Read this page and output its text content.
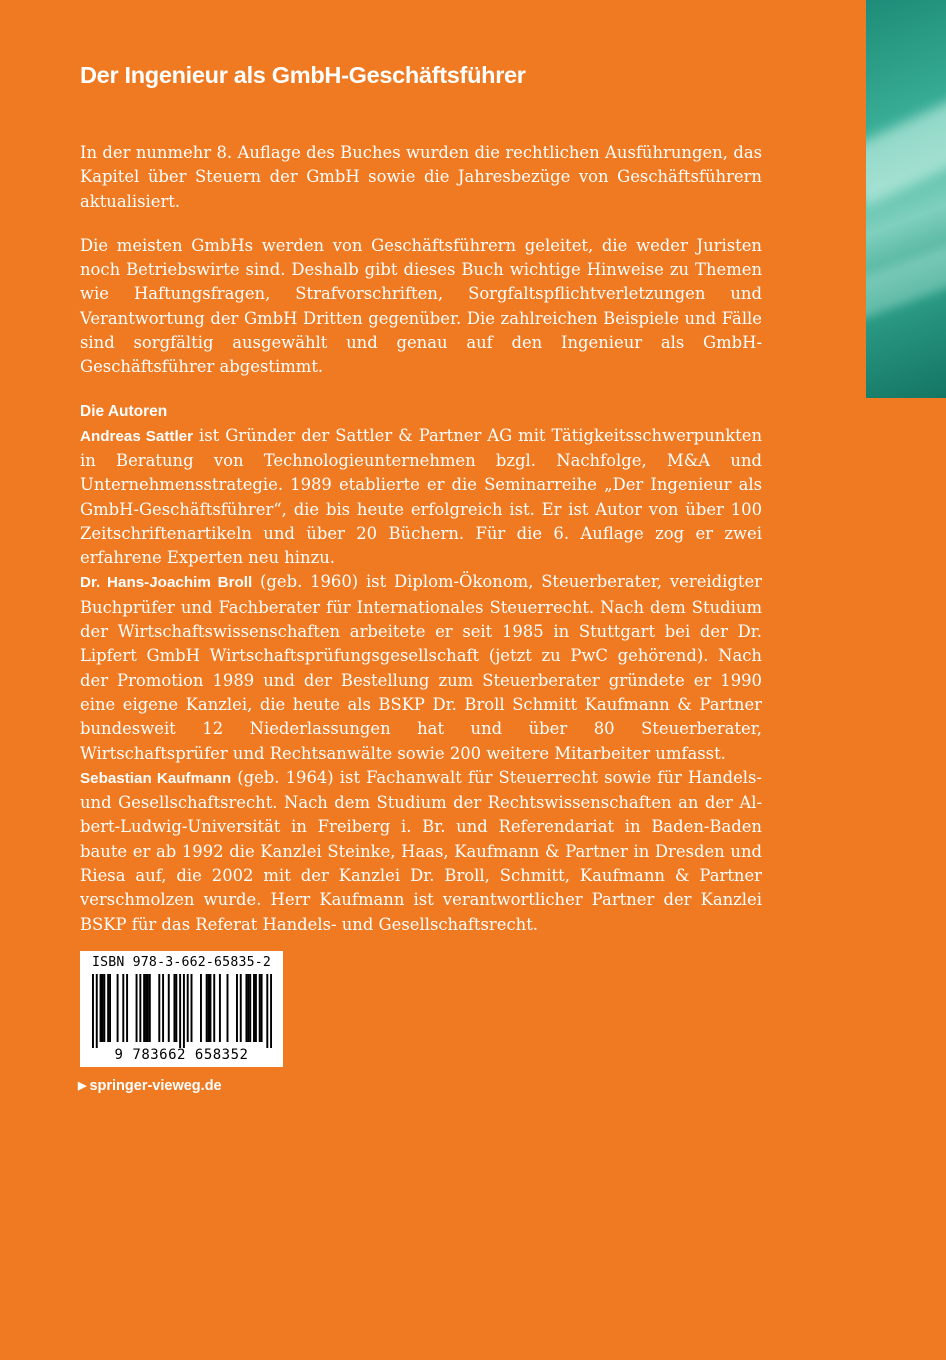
Der Ingenieur als GmbH-Geschäftsführer

In der nunmehr 8. Auflage des Buches wurden die rechtlichen Ausführungen, das Kapitel über Steuern der GmbH sowie die Jahresbezüge von Geschäftsführern aktualisiert.

Die meisten GmbHs werden von Geschäftsführern geleitet, die weder Juristen noch Betriebswirte sind. Deshalb gibt dieses Buch wichtige Hinweise zu Themen wie Haftungsfragen, Strafvorschriften, Sorgfaltspflichtverletzungen und Verantwortung der GmbH Dritten gegenüber. Die zahlreichen Beispiele und Fälle sind sorgfältig ausgewählt und genau auf den Ingenieur als GmbH-Geschäftsführer abgestimmt.

Die Autoren

Andreas Sattler ist Gründer der Sattler & Partner AG mit Tätigkeitsschwerpunkten in Beratung von Technologieunternehmen bzgl. Nachfolge, M&A und Unternehmensstrategie. 1989 etablierte er die Seminarreihe „Der Ingenieur als GmbH-Geschäftsführer“, die bis heute erfolgreich ist. Er ist Autor von über 100 Zeitschriftenartikeln und über 20 Büchern. Für die 6. Auflage zog er zwei erfahrene Experten neu hinzu.

Dr. Hans-Joachim Broll (geb. 1960) ist Diplom-Ökonom, Steuerberater, vereidigter Buchprüfer und Fachberater für Internationales Steuerrecht. Nach dem Studium der Wirtschaftswissenschaften arbeitete er seit 1985 in Stuttgart bei der Dr. Lipfert GmbH Wirtschaftsprüfungsgesellschaft (jetzt zu PwC gehörend). Nach der Promotion 1989 und der Bestellung zum Steuerberater gründete er 1990 eine eigene Kanzlei, die heute als BSKP Dr. Broll Schmitt Kaufmann & Partner bundesweit 12 Niederlassungen hat und über 80 Steuerberater, Wirtschaftsprüfer und Rechtsanwälte sowie 200 weitere Mitarbeiter umfasst.

Sebastian Kaufmann (geb. 1964) ist Fachanwalt für Steuerrecht sowie für Handels- und Gesellschaftsrecht. Nach dem Studium der Rechtswissenschaften an der Albert-Ludwig-Universität in Freiberg i. Br. und Referendariat in Baden-Baden baute er ab 1992 die Kanzlei Steinke, Haas, Kaufmann & Partner in Dresden und Riesa auf, die 2002 mit der Kanzlei Dr. Broll, Schmitt, Kaufmann & Partner verschmolzen wurde. Herr Kaufmann ist verantwortlicher Partner der Kanzlei BSKP für das Referat Handels- und Gesellschaftsrecht.

ISBN 978-3-662-65835-2
9 783662 658352
▶ springer-vieweg.de
